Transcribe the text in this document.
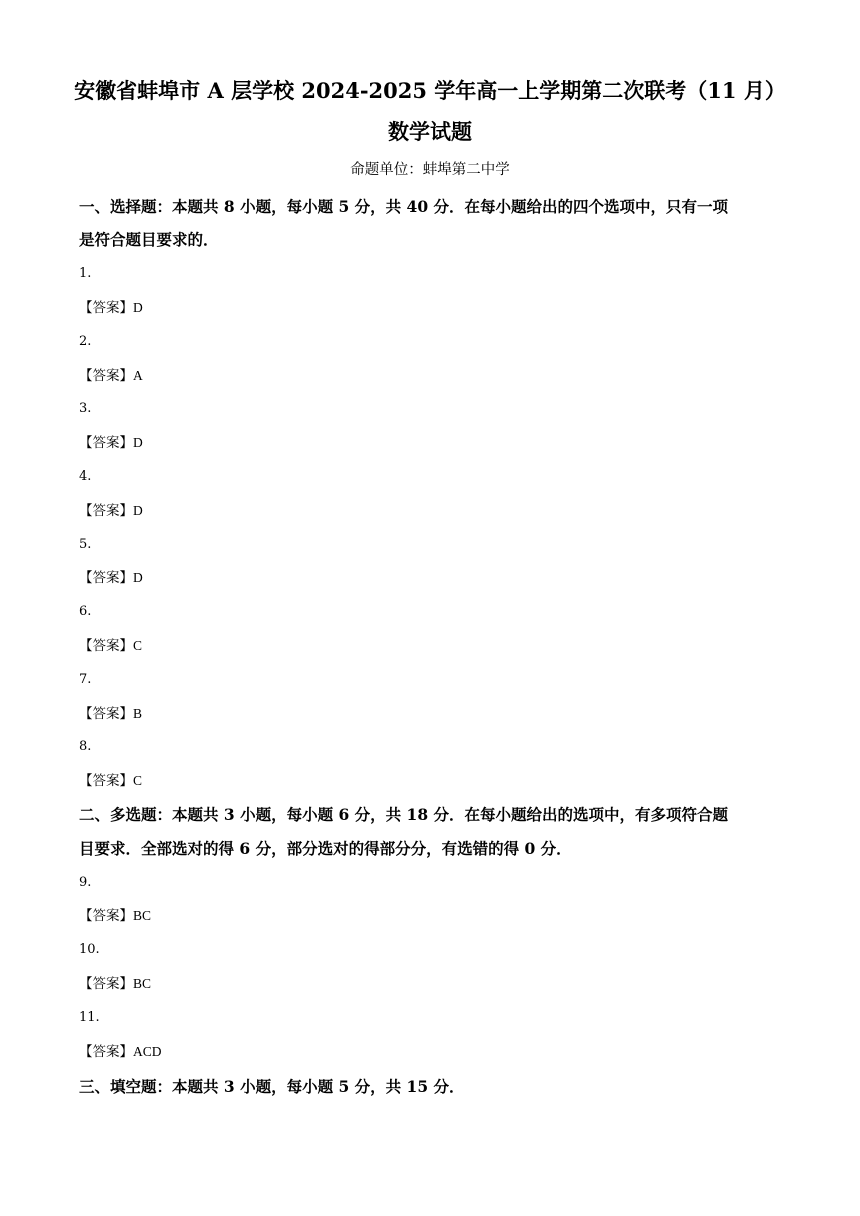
安徽省蚌埠市 A 层学校 2024-2025 学年高一上学期第二次联考（11 月）
数学试题
命题单位：蚌埠第二中学
一、选择题：本题共 8 小题，每小题 5 分，共 40 分．在每小题给出的四个选项中，只有一项
是符合题目要求的．
1.
【答案】D
2.
【答案】A
3.
【答案】D
4.
【答案】D
5.
【答案】D
6.
【答案】C
7.
【答案】B
8.
【答案】C
二、多选题：本题共 3 小题，每小题 6 分，共 18 分．在每小题给出的选项中，有多项符合题
目要求．全部选对的得 6 分，部分选对的得部分分，有选错的得 0 分．
9.
【答案】BC
10.
【答案】BC
11.
【答案】ACD
三、填空题：本题共 3 小题，每小题 5 分，共 15 分．
